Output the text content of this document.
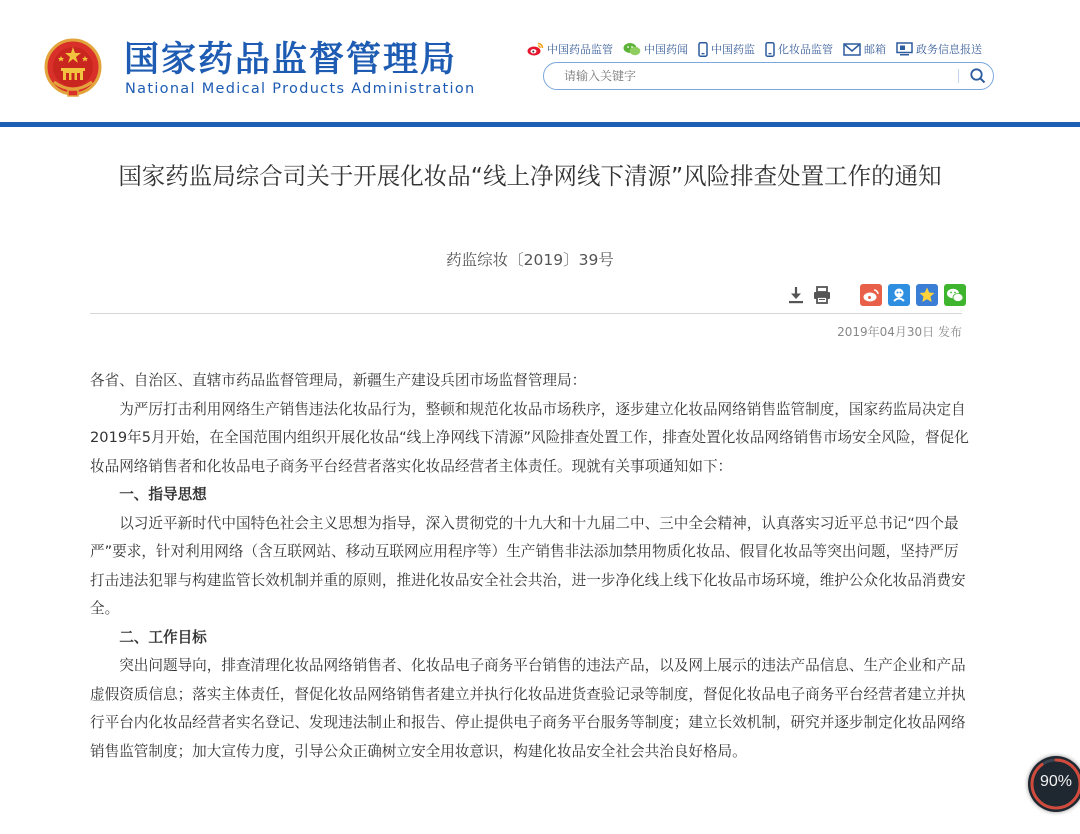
国家药品监督管理局
National Medical Products Administration
中国药品监管	中国药闻 中国药监 化妆品监管	邮箱	政务信息报送
请输入关键字
国家药监局综合司关于开展化妆品“线上净网线下清源”风险排查处置工作的通知
药监综妆〔2019〕39号
2019年04月30日 发布

各省、自治区、直辖市药品监督管理局，新疆生产建设兵团市场监督管理局：

为严厉打击利用网络生产销售违法化妆品行为，整顿和规范化妆品市场秩序，逐步建立化妆品网络销售监管制度，国家药监局决定自2019年5月开始，在全国范围内组织开展化妆品“线上净网线下清源”风险排查处置工作，排查处置化妆品网络销售市场安全风险，督促化妆品网络销售者和化妆品电子商务平台经营者落实化妆品经营者主体责任。现就有关事项通知如下：

一、指导思想

以习近平新时代中国特色社会主义思想为指导，深入贯彻党的十九大和十九届二中、三中全会精神，认真落实习近平总书记“四个最严”要求，针对利用网络（含互联网站、移动互联网应用程序等）生产销售非法添加禁用物质化妆品、假冒化妆品等突出问题，坚持严厉打击违法犯罪与构建监管长效机制并重的原则，推进化妆品安全社会共治，进一步净化线上线下化妆品市场环境，维护公众化妆品消费安全。

二、工作目标

突出问题导向，排查清理化妆品网络销售者、化妆品电子商务平台销售的违法产品，以及网上展示的违法产品信息、生产企业和产品虚假资质信息；落实主体责任，督促化妆品网络销售者建立并执行化妆品进货查验记录等制度，督促化妆品电子商务平台经营者建立并执行平台内化妆品经营者实名登记、发现违法制止和报告、停止提供电子商务平台服务等制度；建立长效机制，研究并逐步制定化妆品网络销售监管制度；加大宣传力度，引导公众正确树立安全用妆意识，构建化妆品安全社会共治良好格局。

90%
